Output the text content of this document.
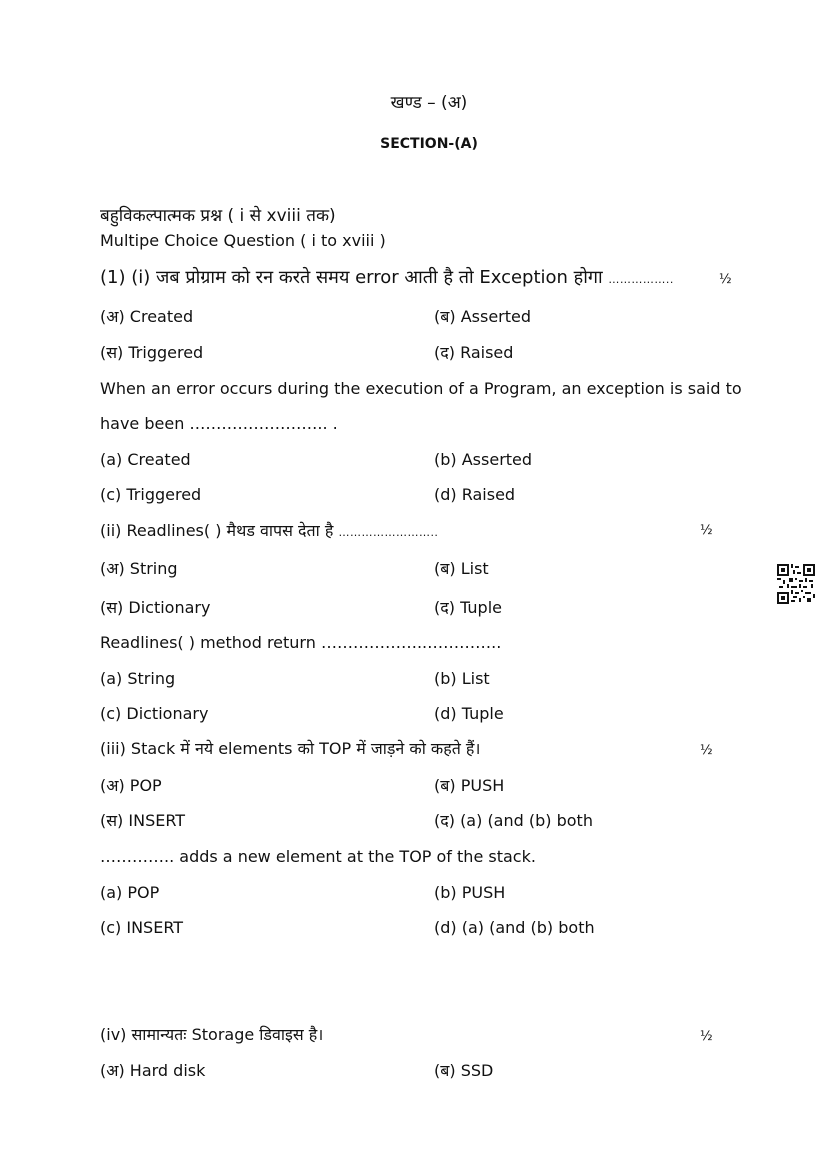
खण्ड – (अ)
SECTION-(A)
बहुविकल्पात्मक प्रश्न ( i से xviii तक)
Multipe Choice Question ( i to xviii )
(1) (i) जब प्रोग्राम को रन करते समय error आती है तो Exception होगा ……………..	½
(अ) Created	(ब) Asserted
(स) Triggered	(द) Raised
When an error occurs during the execution of a Program, an exception is said to
have been …………………….. .
(a) Created	(b) Asserted
(c) Triggered	(d) Raised
(ii) Readlines( ) मैथड वापस देता है ……………………..	½
(अ) String	(ब) List
(स) Dictionary	(द) Tuple
Readlines( ) method return ………………..…………..
(a) String	(b) List
(c) Dictionary	(d) Tuple
(iii) Stack में नये elements को TOP में जाड़ने को कहते हैं।	½
(अ) POP	(ब) PUSH
(स) INSERT	(द) (a) (and (b) both
………….. adds a new element at the TOP of the stack.
(a) POP	(b) PUSH
(c) INSERT	(d) (a) (and (b) both
(iv) सामान्यतः Storage डिवाइस है।	½
(अ) Hard disk	(ब) SSD
